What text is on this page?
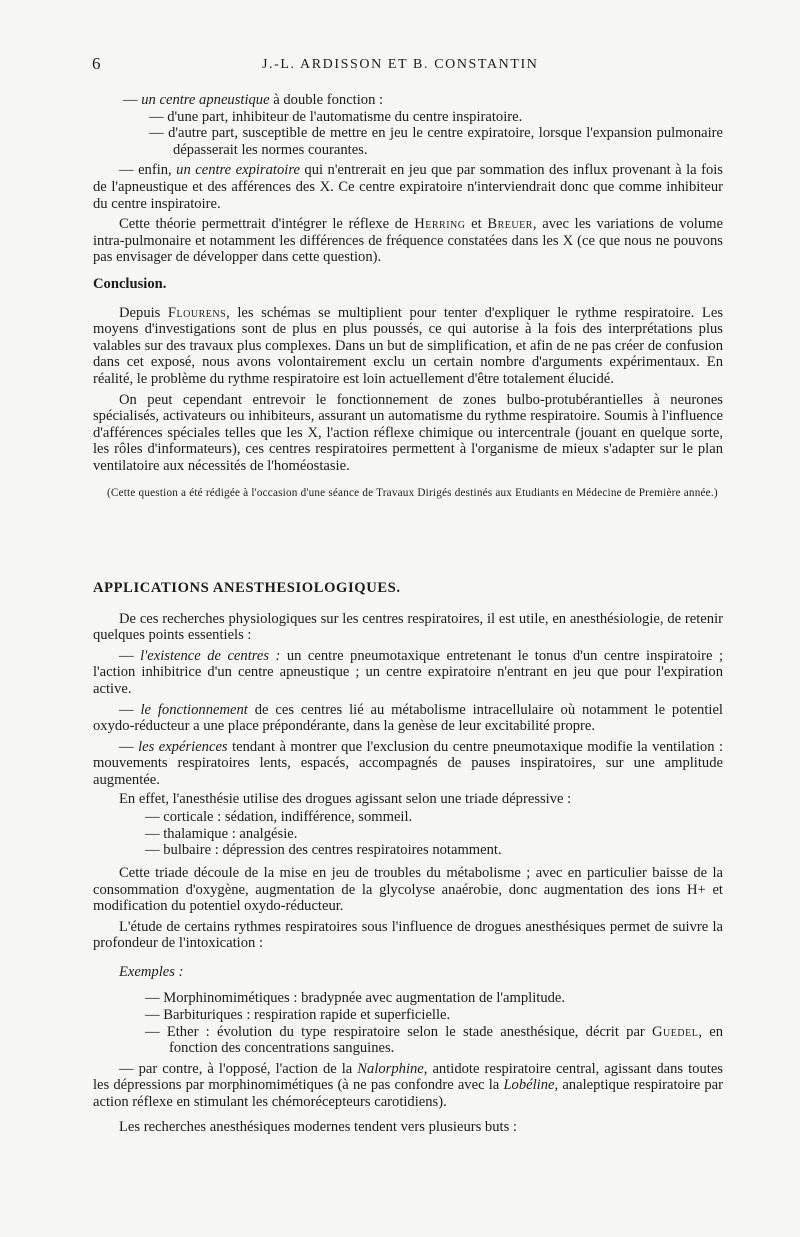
6	J.-L. ARDISSON ET B. CONSTANTIN

— un centre apneustique à double fonction :

— d'une part, inhibiteur de l'automatisme du centre inspiratoire.

— d'autre part, susceptible de mettre en jeu le centre expiratoire, lorsque l'expansion pulmonaire dépasserait les normes courantes.

— enfin, un centre expiratoire qui n'entrerait en jeu que par sommation des influx provenant à la fois de l'apneustique et des afférences des X. Ce centre expiratoire n'interviendrait donc que comme inhibiteur du centre inspiratoire.

Cette théorie permettrait d'intégrer le réflexe de Herring et Breuer, avec les variations de volume intra-pulmonaire et notamment les différences de fréquence constatées dans les X (ce que nous ne pouvons pas envisager de développer dans cette question).

Conclusion.

Depuis Flourens, les schémas se multiplient pour tenter d'expliquer le rythme respiratoire. Les moyens d'investigations sont de plus en plus poussés, ce qui autorise à la fois des interprétations plus valables sur des travaux plus complexes. Dans un but de simplification, et afin de ne pas créer de confusion dans cet exposé, nous avons volontairement exclu un certain nombre d'arguments expérimentaux. En réalité, le problème du rythme respiratoire est loin actuellement d'être totalement élucidé.

On peut cependant entrevoir le fonctionnement de zones bulbo-protubérantielles à neurones spécialisés, activateurs ou inhibiteurs, assurant un automatisme du rythme respiratoire. Soumis à l'influence d'afférences spéciales telles que les X, l'action réflexe chimique ou intercentrale (jouant en quelque sorte, les rôles d'informateurs), ces centres respiratoires permettent à l'organisme de mieux s'adapter sur le plan ventilatoire aux nécessités de l'homéostasie.

(Cette question a été rédigée à l'occasion d'une séance de Travaux Dirigés destinés aux Etudiants en Médecine de Première année.)

APPLICATIONS ANESTHESIOLOGIQUES.

De ces recherches physiologiques sur les centres respiratoires, il est utile, en anesthésiologie, de retenir quelques points essentiels :

— l'existence de centres : un centre pneumotaxique entretenant le tonus d'un centre inspiratoire ; l'action inhibitrice d'un centre apneustique ; un centre expiratoire n'entrant en jeu que pour l'expiration active.

— le fonctionnement de ces centres lié au métabolisme intracellulaire où notamment le potentiel oxydo-réducteur a une place prépondérante, dans la genèse de leur excitabilité propre.

— les expériences tendant à montrer que l'exclusion du centre pneumotaxique modifie la ventilation : mouvements respiratoires lents, espacés, accompagnés de pauses inspiratoires, sur une amplitude augmentée.

En effet, l'anesthésie utilise des drogues agissant selon une triade dépressive :

— corticale : sédation, indifférence, sommeil.

— thalamique : analgésie.

— bulbaire : dépression des centres respiratoires notamment.

Cette triade découle de la mise en jeu de troubles du métabolisme ; avec en particulier baisse de la consommation d'oxygène, augmentation de la glycolyse anaérobie, donc augmentation des ions H+ et modification du potentiel oxydo-réducteur.

L'étude de certains rythmes respiratoires sous l'influence de drogues anesthésiques permet de suivre la profondeur de l'intoxication :

Exemples :

— Morphinomimétiques : bradypnée avec augmentation de l'amplitude.

— Barbituriques : respiration rapide et superficielle.

— Ether : évolution du type respiratoire selon le stade anesthésique, décrit par Guedel, en fonction des concentrations sanguines.

— par contre, à l'opposé, l'action de la Nalorphine, antidote respiratoire central, agissant dans toutes les dépressions par morphinomimétiques (à ne pas confondre avec la Lobéline, analeptique respiratoire par action réflexe en stimulant les chémorécepteurs carotidiens).

Les recherches anesthésiques modernes tendent vers plusieurs buts :
